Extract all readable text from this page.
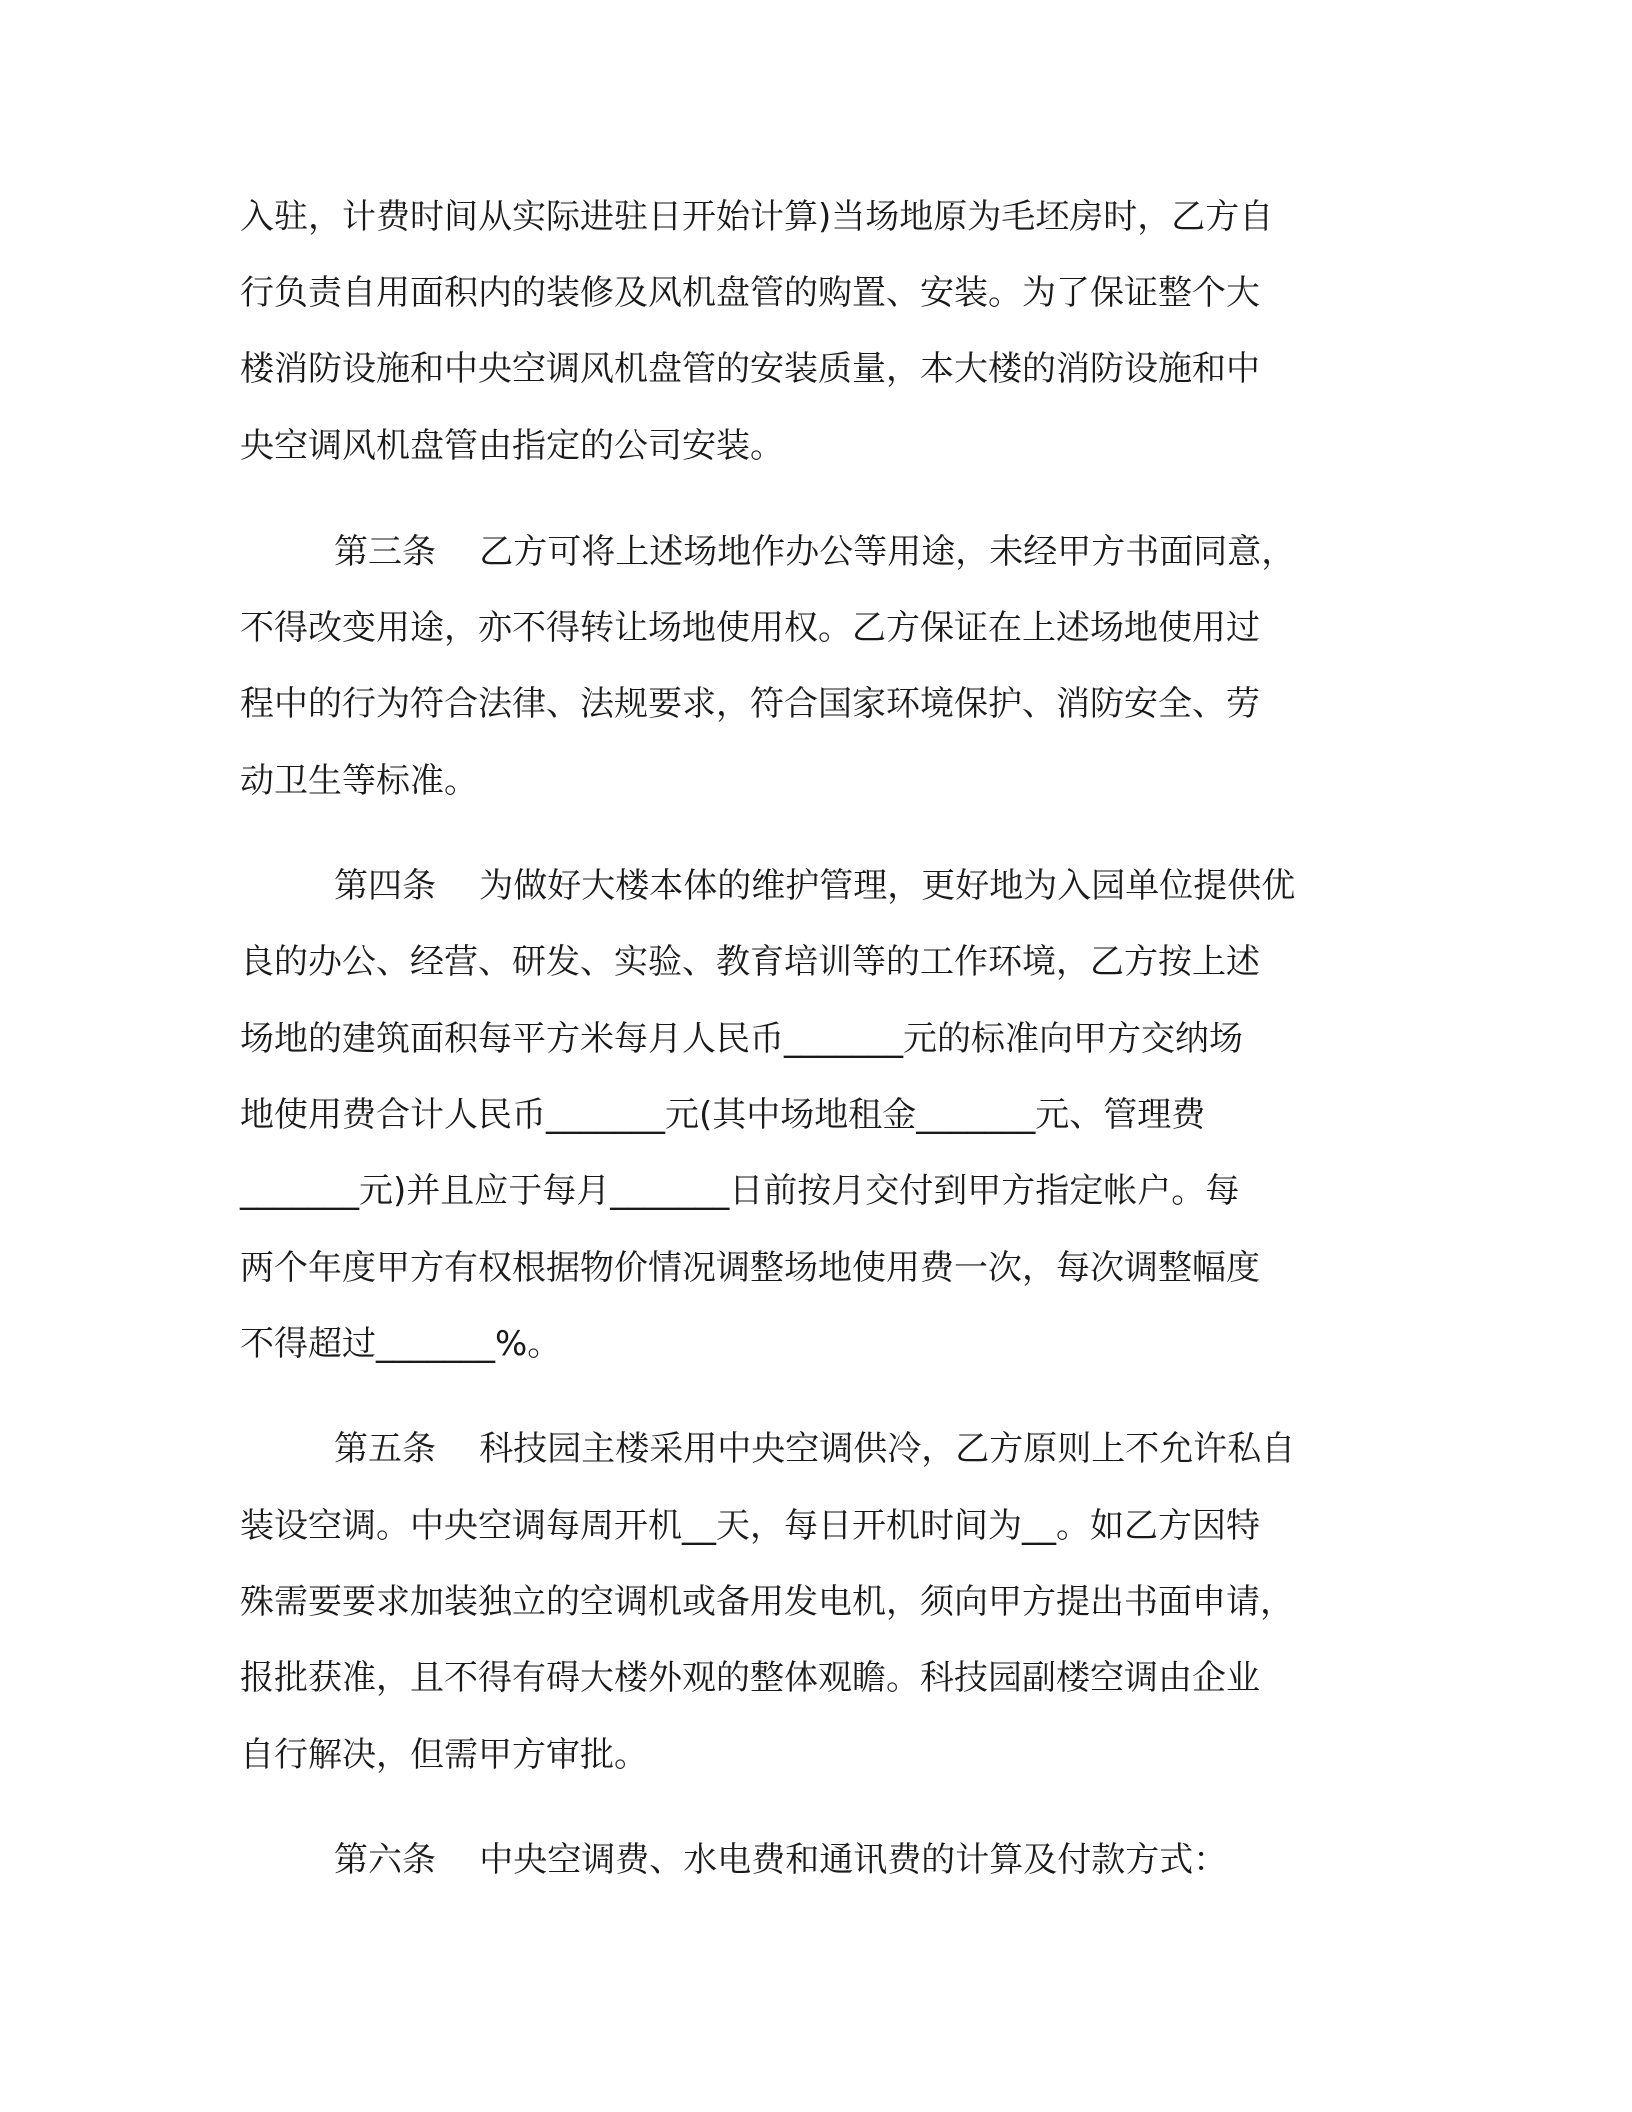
入驻，计费时间从实际进驻日开始计算)当场地原为毛坯房时，乙方自
行负责自用面积内的装修及风机盘管的购置、安装。为了保证整个大
楼消防设施和中央空调风机盘管的安装质量，本大楼的消防设施和中
央空调风机盘管由指定的公司安装。
第三条    乙方可将上述场地作办公等用途，未经甲方书面同意，
不得改变用途，亦不得转让场地使用权。乙方保证在上述场地使用过
程中的行为符合法律、法规要求，符合国家环境保护、消防安全、劳
动卫生等标准。
第四条    为做好大楼本体的维护管理，更好地为入园单位提供优
良的办公、经营、研发、实验、教育培训等的工作环境，乙方按上述
场地的建筑面积每平方米每月人民币_______元的标准向甲方交纳场
地使用费合计人民币_______元(其中场地租金_______元、管理费
_______元)并且应于每月_______日前按月交付到甲方指定帐户。每
两个年度甲方有权根据物价情况调整场地使用费一次，每次调整幅度
不得超过_______%。
第五条    科技园主楼采用中央空调供冷，乙方原则上不允许私自
装设空调。中央空调每周开机__天，每日开机时间为__。如乙方因特
殊需要要求加装独立的空调机或备用发电机，须向甲方提出书面申请，
报批获准，且不得有碍大楼外观的整体观瞻。科技园副楼空调由企业
自行解决，但需甲方审批。
第六条    中央空调费、水电费和通讯费的计算及付款方式：
